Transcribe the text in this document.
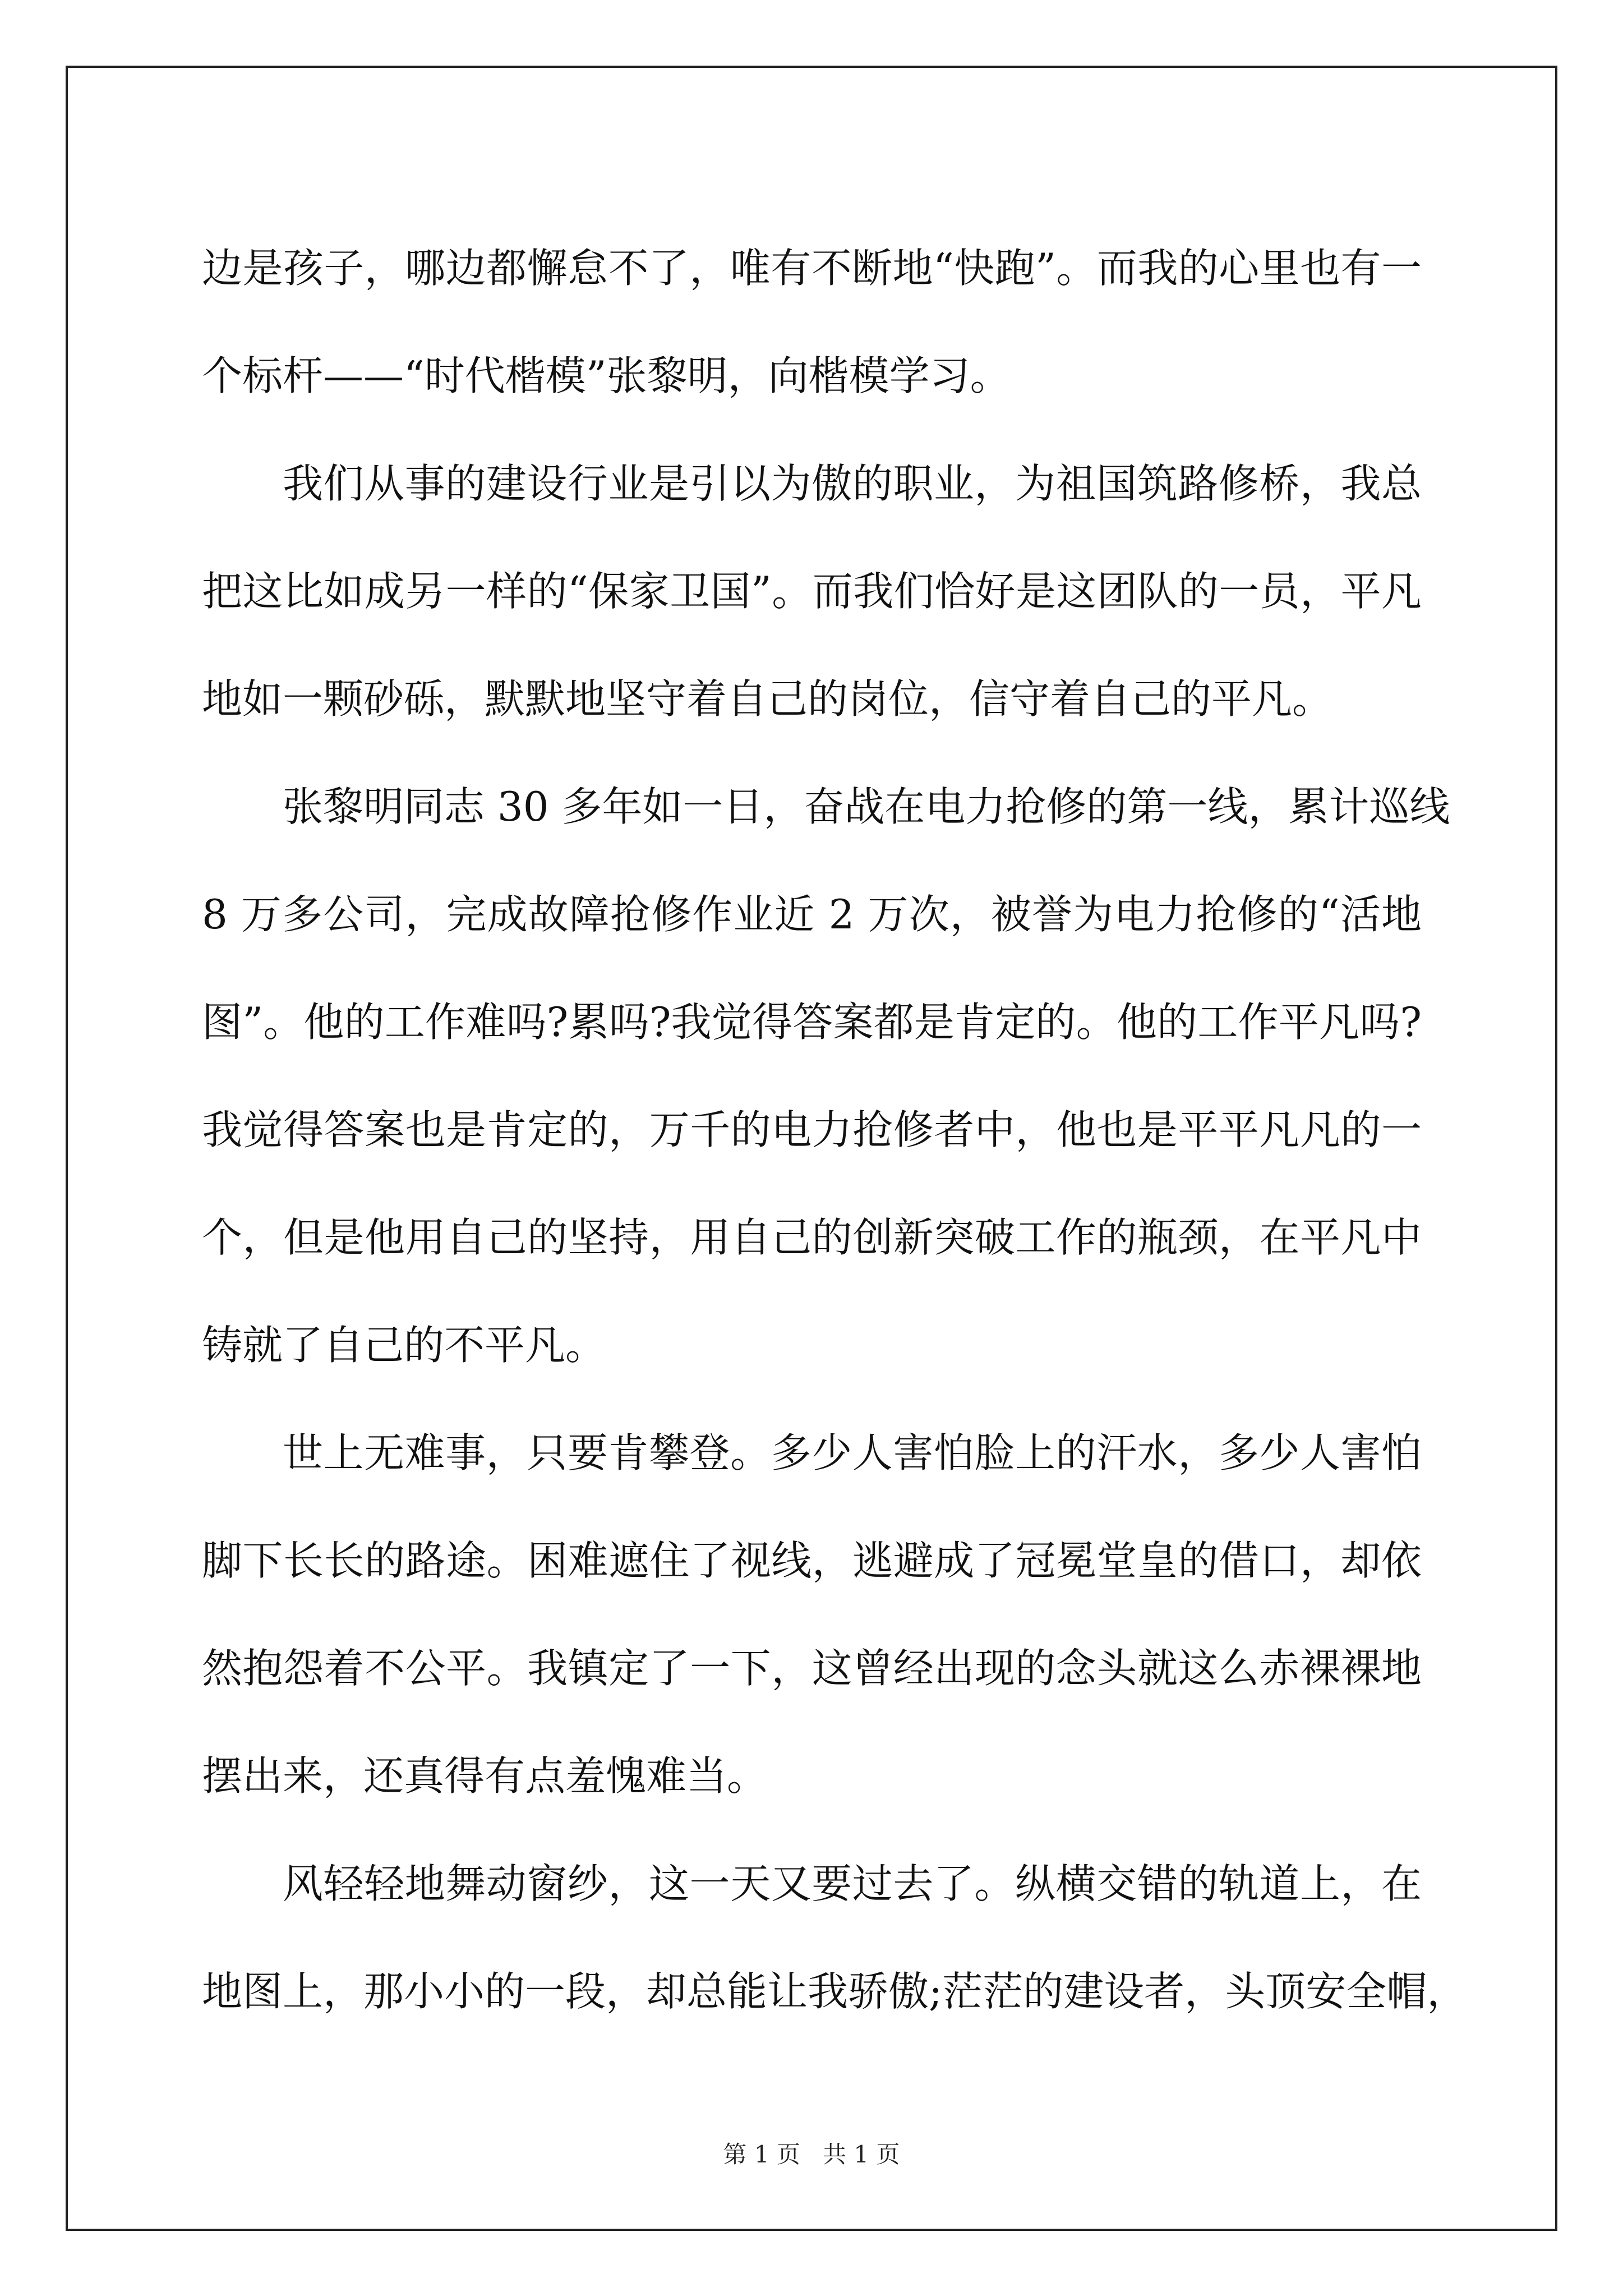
边是孩子，哪边都懈怠不了，唯有不断地“快跑”。而我的心里也有一
个标杆——“时代楷模”张黎明，向楷模学习。
我们从事的建设行业是引以为傲的职业，为祖国筑路修桥，我总
把这比如成另一样的“保家卫国”。而我们恰好是这团队的一员，平凡
地如一颗砂砾，默默地坚守着自己的岗位，信守着自己的平凡。
张黎明同志 30 多年如一日，奋战在电力抢修的第一线，累计巡线
8 万多公司，完成故障抢修作业近 2 万次，被誉为电力抢修的“活地
图”。他的工作难吗?累吗?我觉得答案都是肯定的。他的工作平凡吗?
我觉得答案也是肯定的，万千的电力抢修者中，他也是平平凡凡的一
个，但是他用自己的坚持，用自己的创新突破工作的瓶颈，在平凡中
铸就了自己的不平凡。
世上无难事，只要肯攀登。多少人害怕脸上的汗水，多少人害怕
脚下长长的路途。困难遮住了视线，逃避成了冠冕堂皇的借口，却依
然抱怨着不公平。我镇定了一下，这曾经出现的念头就这么赤裸裸地
摆出来，还真得有点羞愧难当。
风轻轻地舞动窗纱，这一天又要过去了。纵横交错的轨道上，在
地图上，那小小的一段，却总能让我骄傲;茫茫的建设者，头顶安全帽，
第 1 页   共 1 页
